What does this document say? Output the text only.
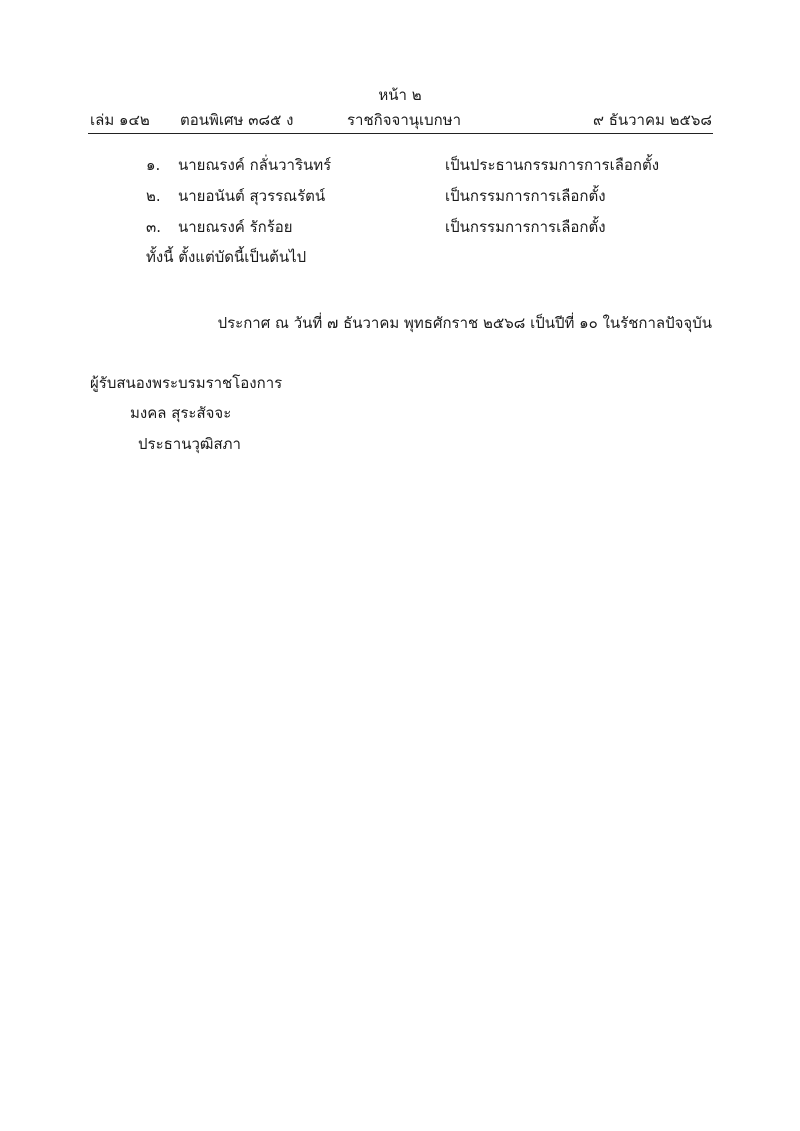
หน้า ๒
เล่ม ๑๔๒ ตอนพิเศษ ๓๘๕ ง	ราชกิจจานุเบกษา	๙ ธันวาคม ๒๕๖๘
๑. นายณรงค์ กลั่นวารินทร์	เป็นประธานกรรมการการเลือกตั้ง
๒. นายอนันต์ สุวรรณรัตน์	เป็นกรรมการการเลือกตั้ง
๓. นายณรงค์ รักร้อย	เป็นกรรมการการเลือกตั้ง
ทั้งนี้ ตั้งแต่บัดนี้เป็นต้นไป
ประกาศ ณ วันที่ ๗ ธันวาคม พุทธศักราช ๒๕๖๘ เป็นปีที่ ๑๐ ในรัชกาลปัจจุบัน
ผู้รับสนองพระบรมราชโองการ
มงคล สุระสัจจะ
ประธานวุฒิสภา
